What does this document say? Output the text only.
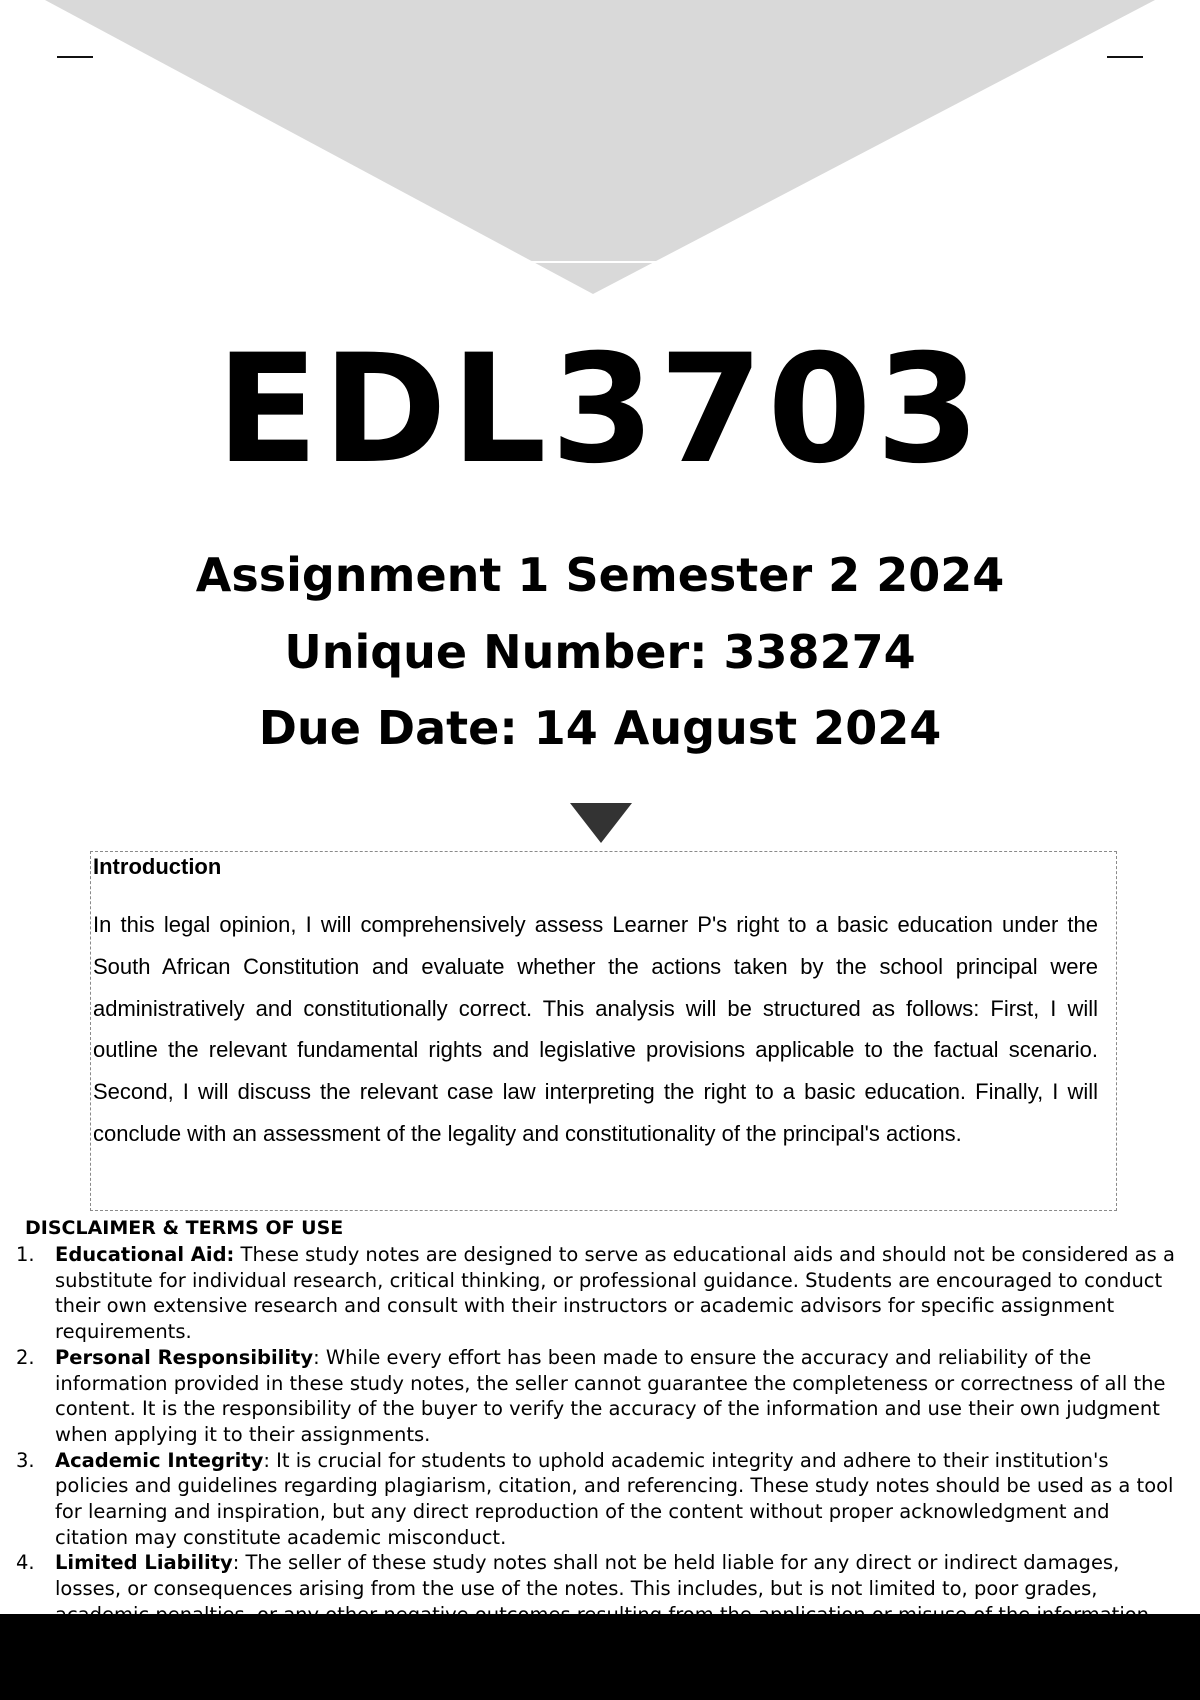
EDL3703
Assignment 1 Semester 2 2024
Unique Number: 338274
Due Date: 14 August 2024
Introduction

In this legal opinion, I will comprehensively assess Learner P's right to a basic education under the South African Constitution and evaluate whether the actions taken by the school principal were administratively and constitutionally correct. This analysis will be structured as follows: First, I will outline the relevant fundamental rights and legislative provisions applicable to the factual scenario. Second, I will discuss the relevant case law interpreting the right to a basic education. Finally, I will conclude with an assessment of the legality and constitutionality of the principal's actions.

DISCLAIMER & TERMS OF USE
1. Educational Aid: These study notes are designed to serve as educational aids and should not be considered as a substitute for individual research, critical thinking, or professional guidance. Students are encouraged to conduct their own extensive research and consult with their instructors or academic advisors for specific assignment requirements.
2. Personal Responsibility: While every effort has been made to ensure the accuracy and reliability of the information provided in these study notes, the seller cannot guarantee the completeness or correctness of all the content. It is the responsibility of the buyer to verify the accuracy of the information and use their own judgment when applying it to their assignments.
3. Academic Integrity: It is crucial for students to uphold academic integrity and adhere to their institution's policies and guidelines regarding plagiarism, citation, and referencing. These study notes should be used as a tool for learning and inspiration, but any direct reproduction of the content without proper acknowledgment and citation may constitute academic misconduct.
4. Limited Liability: The seller of these study notes shall not be held liable for any direct or indirect damages, losses, or consequences arising from the use of the notes. This includes, but is not limited to, poor grades,
